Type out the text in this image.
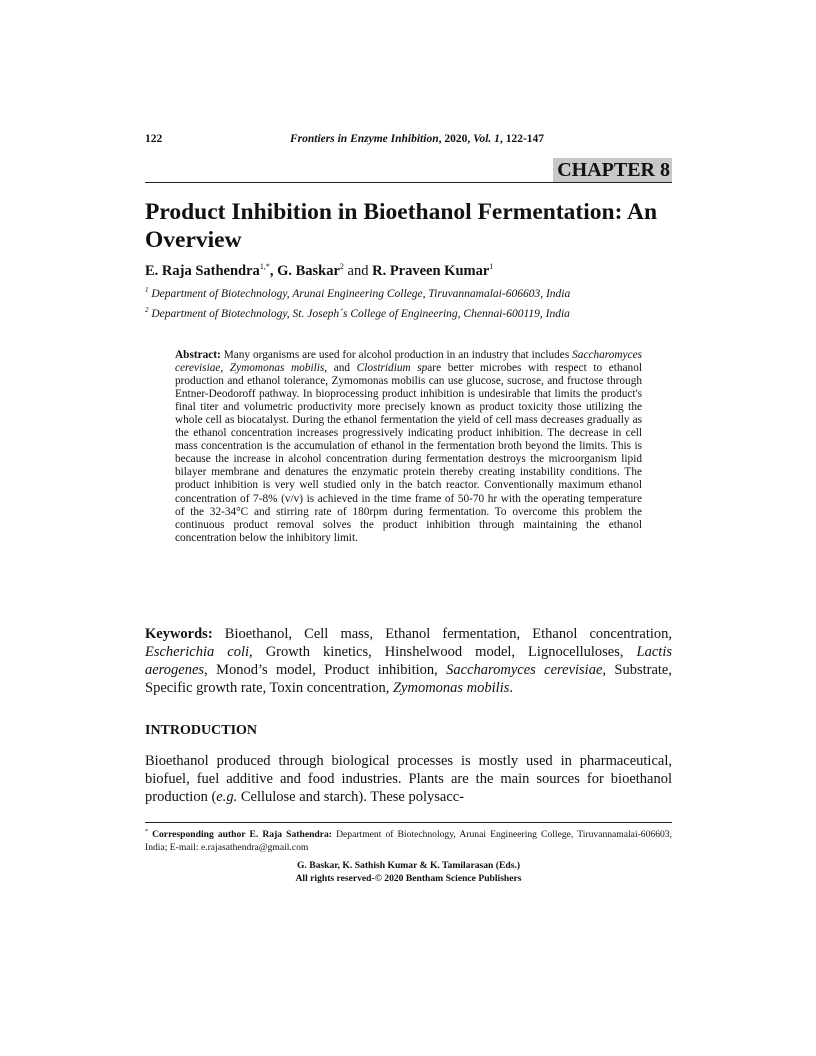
122	Frontiers in Enzyme Inhibition, 2020, Vol. 1, 122-147
CHAPTER 8
Product Inhibition in Bioethanol Fermentation: An Overview
E. Raja Sathendra$^{1,*}$, G. Baskar$^2$ and R. Praveen Kumar$^1$
$^1$ Department of Biotechnology, Arunai Engineering College, Tiruvannamalai-606603, India
$^2$ Department of Biotechnology, St. Joseph´s College of Engineering, Chennai-600119, India

Abstract: Many organisms are used for alcohol production in an industry that includes Saccharomyces cerevisiae, Zymomonas mobilis, and Clostridium spare better microbes with respect to ethanol production and ethanol tolerance, Zymomonas mobilis can use glucose, sucrose, and fructose through Entner-Deodoroff pathway. In bioprocessing product inhibition is undesirable that limits the product's final titer and volumetric productivity more precisely known as product toxicity those utilizing the whole cell as biocatalyst. During the ethanol fermentation the yield of cell mass decreases gradually as the ethanol concentration increases progressively indicating product inhibition. The decrease in cell mass concentration is the accumulation of ethanol in the fermentation broth beyond the limits. This is because the increase in alcohol concentration during fermentation destroys the microorganism lipid bilayer membrane and denatures the enzymatic protein thereby creating instability conditions. The product inhibition is very well studied only in the batch reactor. Conventionally maximum ethanol concentration of 7-8% (v/v) is achieved in the time frame of 50-70 hr with the operating temperature of the 32-34°C and stirring rate of 180rpm during fermentation. To overcome this problem the continuous product removal solves the product inhibition through maintaining the ethanol concentration below the inhibitory limit.

Keywords: Bioethanol, Cell mass, Ethanol fermentation, Ethanol concentration, Escherichia coli, Growth kinetics, Hinshelwood model, Lignocelluloses, Lactis aerogenes, Monod’s model, Product inhibition, Saccharomyces cerevisiae, Substrate, Specific growth rate, Toxin concentration, Zymomonas mobilis.

INTRODUCTION

Bioethanol produced through biological processes is mostly used in pharmaceutical, biofuel, fuel additive and food industries. Plants are the main sources for bioethanol production (e.g. Cellulose and starch). These polysacc-

* Corresponding author E. Raja Sathendra: Department of Biotechnology, Arunai Engineering College, Tiruvannamalai-606603, India; E-mail: e.rajasathendra@gmail.com

G. Baskar, K. Sathish Kumar & K. Tamilarasan (Eds.)
All rights reserved-© 2020 Bentham Science Publishers
